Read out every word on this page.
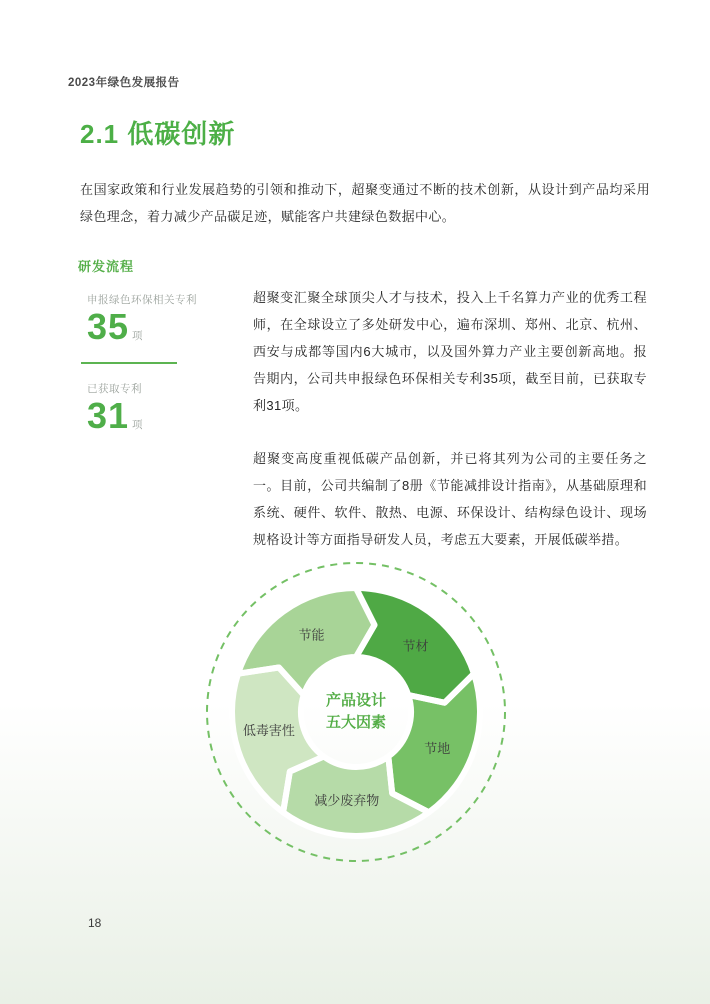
2023年绿色发展报告
2.1 低碳创新
在国家政策和行业发展趋势的引领和推动下，超聚变通过不断的技术创新，从设计到产品均采用绿色理念，着力减少产品碳足迹，赋能客户共建绿色数据中心。
研发流程
申报绿色环保相关专利
35 项
已获取专利
31 项

超聚变汇聚全球顶尖人才与技术，投入上千名算力产业的优秀工程师，在全球设立了多处研发中心，遍布深圳、郑州、北京、杭州、西安与成都等国内6大城市，以及国外算力产业主要创新高地。报告期内，公司共申报绿色环保相关专利35项，截至目前，已获取专利31项。

超聚变高度重视低碳产品创新，并已将其列为公司的主要任务之一。目前，公司共编制了8册《节能减排设计指南》，从基础原理和系统、硬件、软件、散热、电源、环保设计、结构绿色设计、现场规格设计等方面指导研发人员，考虑五大要素，开展低碳举措。

节材
节地
减少废弃物
低毒害性
节能
产品设计
五大因素
18
